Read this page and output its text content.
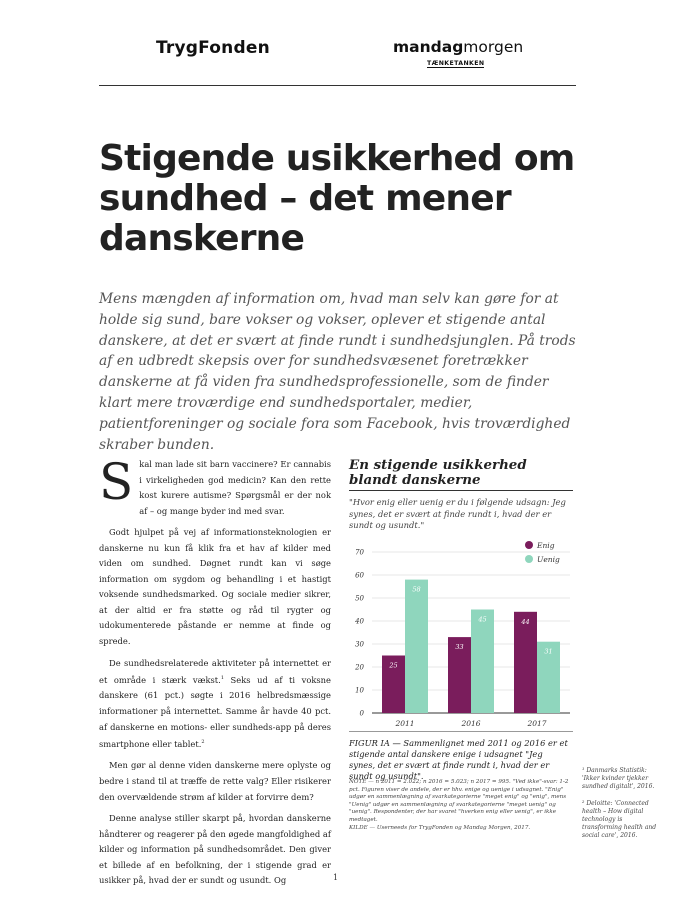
TrygFonden	mandagmorgen
TÆNKETANKEN
Stigende usikkerhed om sundhed – det mener danskerne

Mens mængden af information om, hvad man selv kan gøre for at holde sig sund, bare vokser og vokser, oplever et stigende antal danskere, at det er svært at finde rundt i sundhedsjunglen. På trods af en udbredt skepsis over for sundhedsvæsenet foretrækker danskerne at få viden fra sundhedsprofessionelle, som de finder klart mere troværdige end sundhedsportaler, medier, patientforeninger og sociale fora som Facebook, hvis troværdighed skraber bunden.

Skal man lade sit barn vaccinere? Er cannabis i virkeligheden god medicin? Kan den rette kost kurere autisme? Spørgsmål er der nok af – og mange byder ind med svar.

Godt hjulpet på vej af informationsteknologien er danskerne nu kun få klik fra et hav af kilder med viden om sundhed. Døgnet rundt kan vi søge information om sygdom og behandling i et hastigt voksende sundhedsmarked. Og sociale medier sikrer, at der altid er fra støtte og råd til rygter og udokumenterede påstande er nemme at finde og sprede.

De sundhedsrelaterede aktiviteter på internettet er et område i stærk vækst.$^1$ Seks ud af ti voksne danskere (61 pct.) søgte i 2016 helbredsmæssige informationer på internettet. Samme år havde 40 pct. af danskerne en motions- eller sundheds-app på deres smartphone eller tablet.$^2$

Men gør al denne viden danskerne mere oplyste og bedre i stand til at træffe de rette valg? Eller risikerer den overvældende strøm af kilder at forvirre dem?

Denne analyse stiller skarpt på, hvordan danskerne håndterer og reagerer på den øgede mangfoldighed af kilder og information på sundhedsområdet. Den giver et billede af en befolkning, der i stigende grad er usikker på, hvad der er sundt og usundt. Og

En stigende usikkerhed blandt danskerne

"Hvor enig eller uenig er du i følgende udsagn: Jeg synes, det er svært at finde rundt i, hvad der er sundt og usundt."

0
10
20
30
40
50
60
70
25
58
2011
33
45
2016
44
31
2017
Enig
Uenig

FIGUR IA — Sammenlignet med 2011 og 2016 er et stigende antal danskere enige i udsagnet "Jeg synes, det er svært at finde rundt i, hvad der er sundt og usundt".

NOTE — n 2011 = 2.022; n 2016 = 5.023; n 2017 = 995. "Ved ikke"-svar: 1-2 pct. Figuren viser de andele, der er hhv. enige og uenige i udsagnet. "Enig" udgør en sammenlægning af svarkategorierne "meget enig" og "enig", mens "Uenig" udgør en sammenlægning af svarkategorierne "meget uenig" og "uenig". Respondenter, der har svaret "hverken enig eller uenig", er ikke medtaget.

KILDE — Userneeds for TrygFonden og Mandag Morgen, 2017.

¹ Danmarks Statistik: 'Ikker kvinder tjekker sundhed digitalt', 2016.

² Deloitte: 'Connected health – How digital technology is transforming health and social care', 2016.

1
